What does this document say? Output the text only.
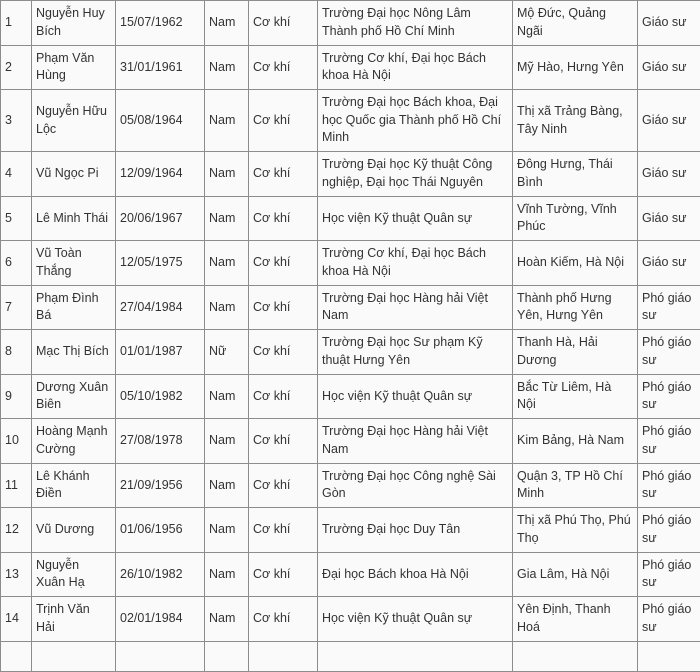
1	Nguyễn Huy Bích	15/07/1962	Nam	Cơ khí	Trường Đại học Nông Lâm Thành phố Hồ Chí Minh	Mộ Đức, Quảng Ngãi	Giáo sư
2	Phạm Văn Hùng	31/01/1961	Nam	Cơ khí	Trường Cơ khí, Đại học Bách khoa Hà Nội	Mỹ Hào, Hưng Yên	Giáo sư
3	Nguyễn Hữu Lộc	05/08/1964	Nam	Cơ khí	Trường Đại học Bách khoa, Đại học Quốc gia Thành phố Hồ Chí Minh	Thị xã Trảng Bàng, Tây Ninh	Giáo sư
4	Vũ Ngọc Pi	12/09/1964	Nam	Cơ khí	Trường Đại học Kỹ thuật Công nghiệp, Đại học Thái Nguyên	Đông Hưng, Thái Bình	Giáo sư
5	Lê Minh Thái	20/06/1967	Nam	Cơ khí	Học viện Kỹ thuật Quân sự	Vĩnh Tường, Vĩnh Phúc	Giáo sư
6	Vũ Toàn Thắng	12/05/1975	Nam	Cơ khí	Trường Cơ khí, Đại học Bách khoa Hà Nội	Hoàn Kiếm, Hà Nội	Giáo sư
7	Phạm Đình Bá	27/04/1984	Nam	Cơ khí	Trường Đại học Hàng hải Việt Nam	Thành phố Hưng Yên, Hưng Yên	Phó giáo sư
8	Mạc Thị Bích	01/01/1987	Nữ	Cơ khí	Trường Đại học Sư phạm Kỹ thuật Hưng Yên	Thanh Hà, Hải Dương	Phó giáo sư
9	Dương Xuân Biên	05/10/1982	Nam	Cơ khí	Học viện Kỹ thuật Quân sự	Bắc Từ Liêm, Hà Nội	Phó giáo sư
10	Hoàng Mạnh Cường	27/08/1978	Nam	Cơ khí	Trường Đại học Hàng hải Việt Nam	Kim Bảng, Hà Nam	Phó giáo sư
11	Lê Khánh Điền	21/09/1956	Nam	Cơ khí	Trường Đại học Công nghệ Sài Gòn	Quận 3, TP Hồ Chí Minh	Phó giáo sư
12	Vũ Dương	01/06/1956	Nam	Cơ khí	Trường Đại học Duy Tân	Thị xã Phú Thọ, Phú Thọ	Phó giáo sư
13	Nguyễn Xuân Hạ	26/10/1982	Nam	Cơ khí	Đại học Bách khoa Hà Nội	Gia Lâm, Hà Nội	Phó giáo sư
14	Trịnh Văn Hải	02/01/1984	Nam	Cơ khí	Học viện Kỹ thuật Quân sự	Yên Định, Thanh Hoá	Phó giáo sư
